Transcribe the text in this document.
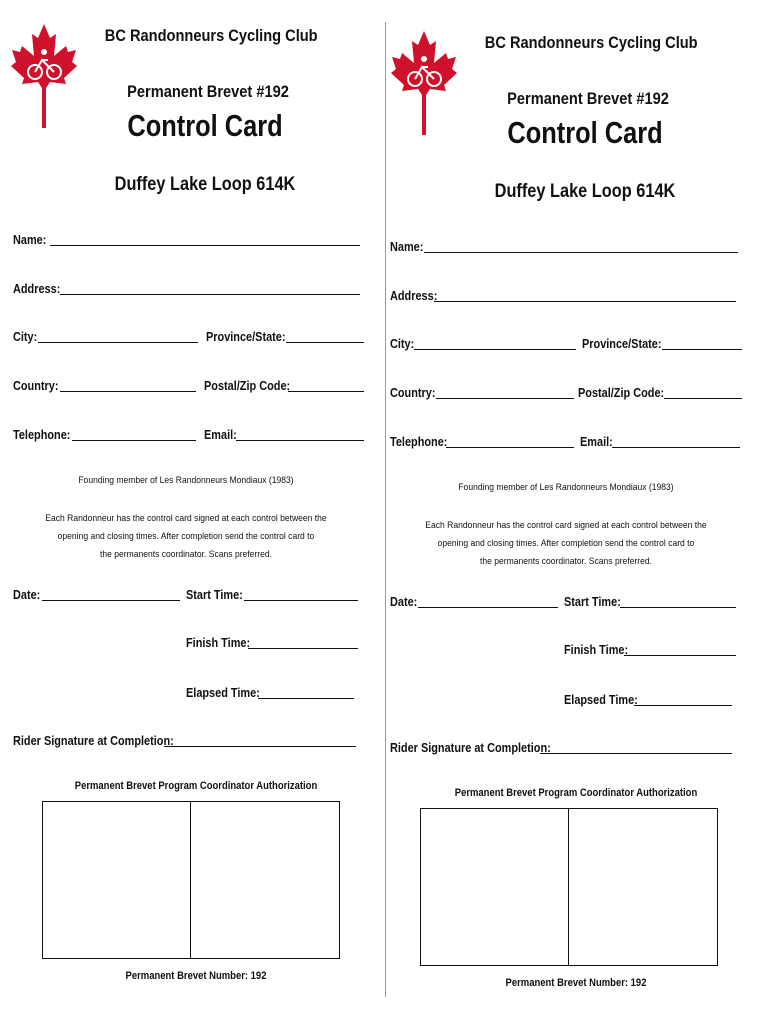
BC Randonneurs Cycling Club
Permanent Brevet #192
Control Card
Duffey Lake Loop 614K
Name:
Address:
City:	Province/State:
Country:	Postal/Zip Code:
Telephone:	Email:
Founding member of Les Randonneurs Mondiaux (1983)
Each Randonneur has the control card signed at each control between the
opening and closing times. After completion send the control card to
the permanents coordinator. Scans preferred.
Date:	Start Time:
Finish Time:
Elapsed Time:
Rider Signature at Completion:
Permanent Brevet Program Coordinator Authorization
Permanent Brevet Number: 192
BC Randonneurs Cycling Club
Permanent Brevet #192
Control Card
Duffey Lake Loop 614K
Name:
Address:
City:	Province/State:
Country:	Postal/Zip Code:
Telephone:	Email:
Founding member of Les Randonneurs Mondiaux (1983)
Each Randonneur has the control card signed at each control between the
opening and closing times. After completion send the control card to
the permanents coordinator. Scans preferred.
Date:	Start Time:
Finish Time:
Elapsed Time:
Rider Signature at Completion:
Permanent Brevet Program Coordinator Authorization
Permanent Brevet Number: 192
